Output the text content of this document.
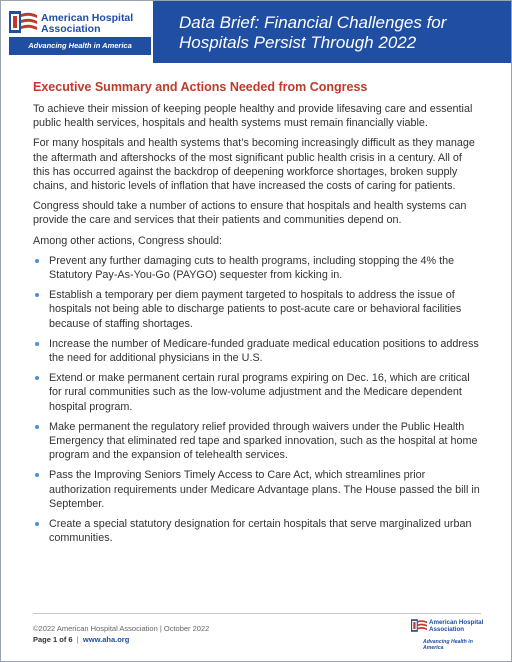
American Hospital
Association
Advancing Health in America
Data Brief: Financial Challenges for Hospitals Persist Through 2022
Executive Summary and Actions Needed from Congress

To achieve their mission of keeping people healthy and provide lifesaving care and essential public health services, hospitals and health systems must remain financially viable.

For many hospitals and health systems that’s becoming increasingly difficult as they manage the aftermath and aftershocks of the most significant public health crisis in a century. All of this has occurred against the backdrop of deepening workforce shortages, broken supply chains, and historic levels of inflation that have increased the costs of caring for patients.

Congress should take a number of actions to ensure that hospitals and health systems can provide the care and services that their patients and communities depend on.

Among other actions, Congress should:

Prevent any further damaging cuts to health programs, including stopping the 4% the Statutory Pay-As-You-Go (PAYGO) sequester from kicking in.
Establish a temporary per diem payment targeted to hospitals to address the issue of hospitals not being able to discharge patients to post-acute care or behavioral facilities because of staffing shortages.
Increase the number of Medicare-funded graduate medical education positions to address the need for additional physicians in the U.S.
Extend or make permanent certain rural programs expiring on Dec. 16, which are critical for rural communities such as the low-volume adjustment and the Medicare dependent hospital program.
Make permanent the regulatory relief provided through waivers under the Public Health Emergency that eliminated red tape and sparked innovation, such as the hospital at home program and the expansion of telehealth services.
Pass the Improving Seniors Timely Access to Care Act, which streamlines prior authorization requirements under Medicare Advantage plans. The House passed the bill in September.
Create a special statutory designation for certain hospitals that serve marginalized urban communities.
©2022 American Hospital Association | October 2022
Page 1 of 6  |  www.aha.org
American Hospital
Association
Advancing Health in America
